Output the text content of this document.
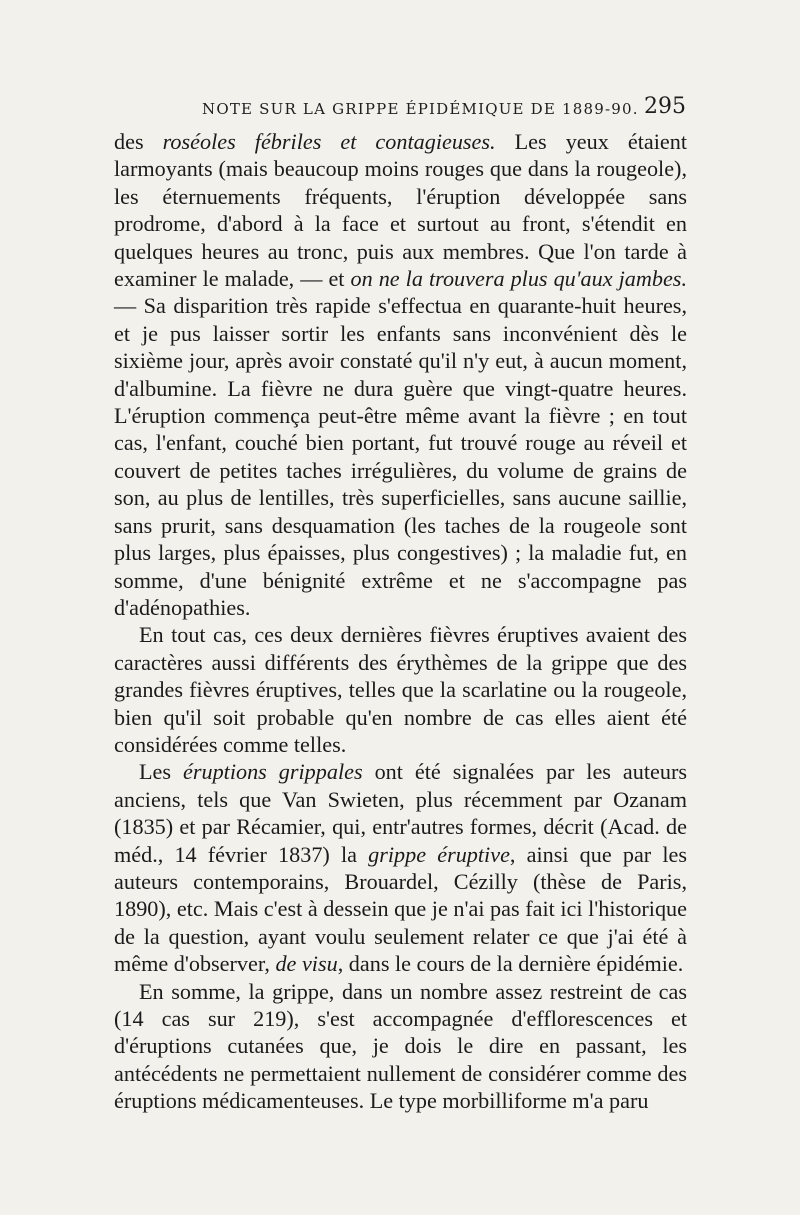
NOTE SUR LA GRIPPE ÉPIDÉMIQUE DE 1889-90. 295

des roséoles fébriles et contagieuses. Les yeux étaient larmoyants (mais beaucoup moins rouges que dans la rougeole), les éternuements fréquents, l'éruption développée sans prodrome, d'abord à la face et surtout au front, s'étendit en quelques heures au tronc, puis aux membres. Que l'on tarde à examiner le malade, — et on ne la trouvera plus qu'aux jambes. — Sa disparition très rapide s'effectua en quarante-huit heures, et je pus laisser sortir les enfants sans inconvénient dès le sixième jour, après avoir constaté qu'il n'y eut, à aucun moment, d'albumine. La fièvre ne dura guère que vingt-quatre heures. L'éruption commença peut-être même avant la fièvre ; en tout cas, l'enfant, couché bien portant, fut trouvé rouge au réveil et couvert de petites taches irrégulières, du volume de grains de son, au plus de lentilles, très superficielles, sans aucune saillie, sans prurit, sans desquamation (les taches de la rougeole sont plus larges, plus épaisses, plus congestives) ; la maladie fut, en somme, d'une bénignité extrême et ne s'accompagne pas d'adénopathies.

En tout cas, ces deux dernières fièvres éruptives avaient des caractères aussi différents des érythèmes de la grippe que des grandes fièvres éruptives, telles que la scarlatine ou la rougeole, bien qu'il soit probable qu'en nombre de cas elles aient été considérées comme telles.

Les éruptions grippales ont été signalées par les auteurs anciens, tels que Van Swieten, plus récemment par Ozanam (1835) et par Récamier, qui, entr'autres formes, décrit (Acad. de méd., 14 février 1837) la grippe éruptive, ainsi que par les auteurs contemporains, Brouardel, Cézilly (thèse de Paris, 1890), etc. Mais c'est à dessein que je n'ai pas fait ici l'historique de la question, ayant voulu seulement relater ce que j'ai été à même d'observer, de visu, dans le cours de la dernière épidémie.

En somme, la grippe, dans un nombre assez restreint de cas (14 cas sur 219), s'est accompagnée d'efflorescences et d'éruptions cutanées que, je dois le dire en passant, les antécédents ne permettaient nullement de considérer comme des éruptions médicamenteuses. Le type morbilliforme m'a paru
